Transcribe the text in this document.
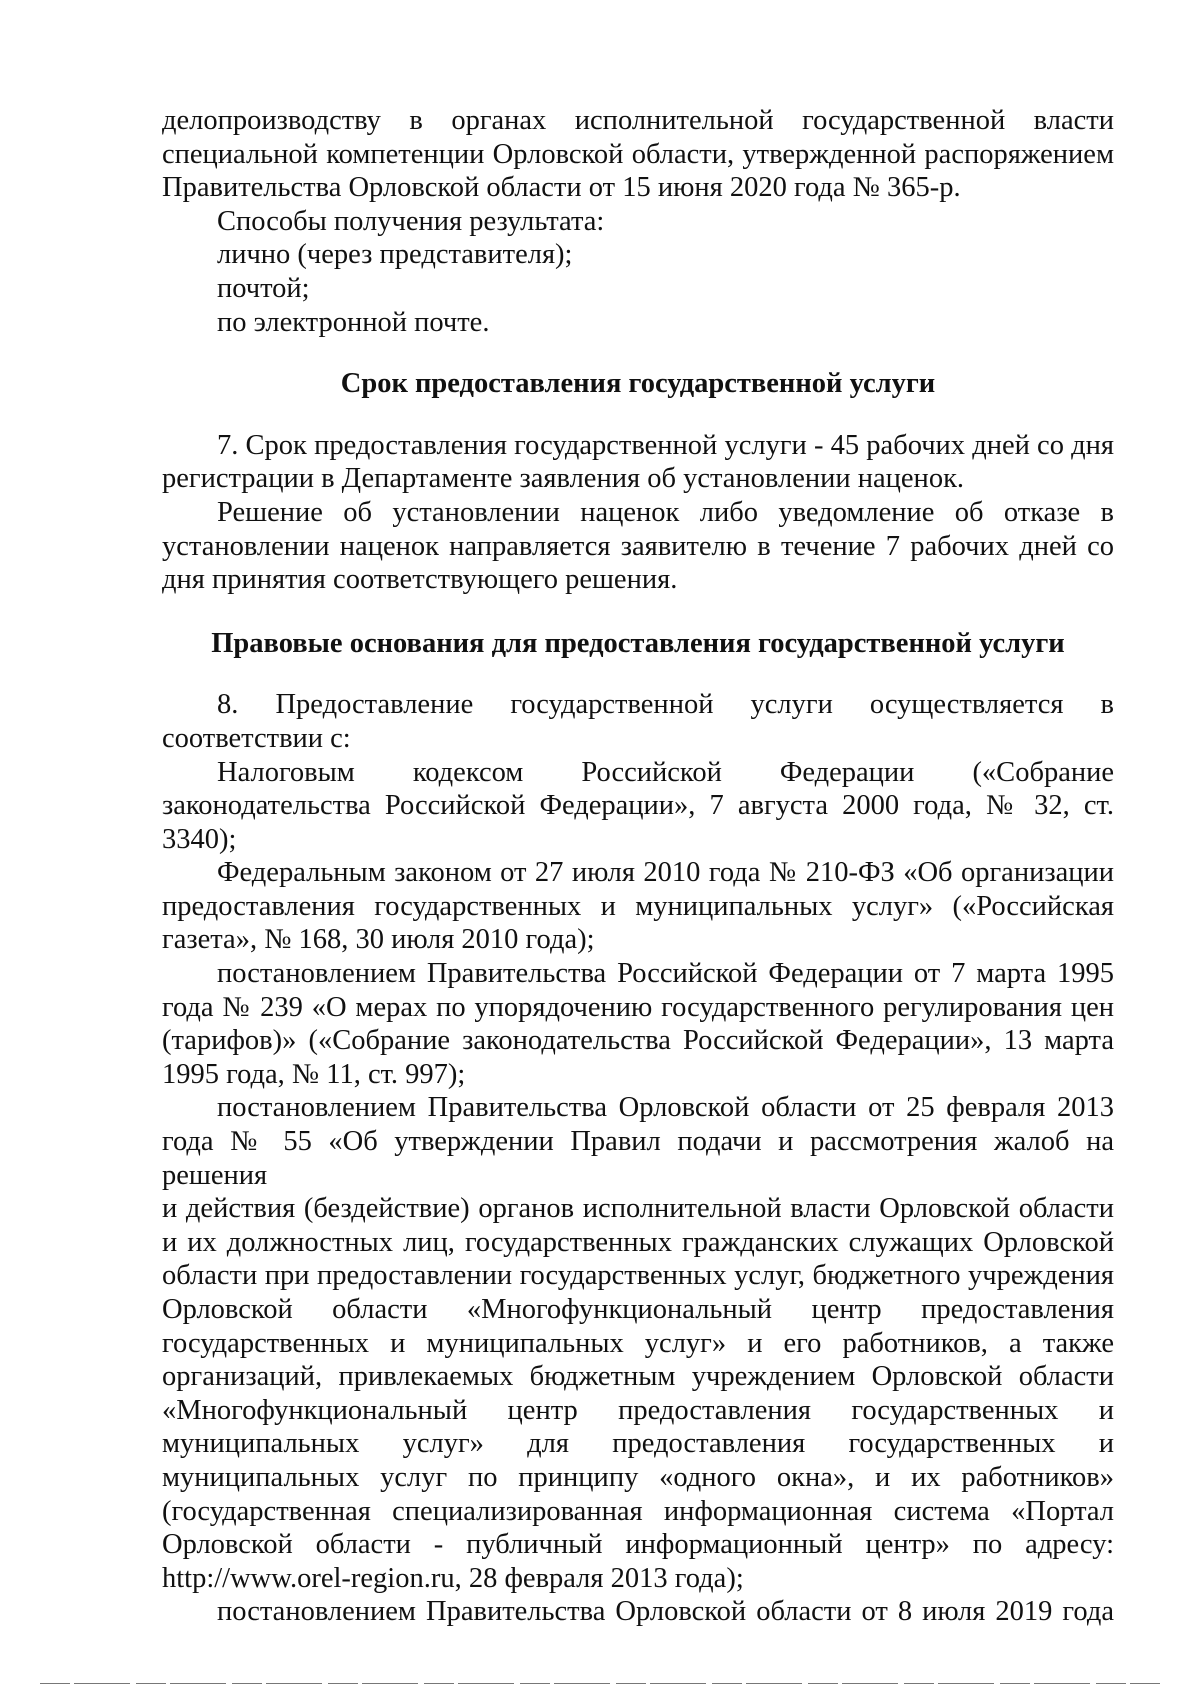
делопроизводству в органах исполнительной государственной власти

специальной компетенции Орловской области, утвержденной распоряжением

Правительства Орловской области от 15 июня 2020 года № 365-р.

Способы получения результата:

лично (через представителя);

почтой;

по электронной почте.

Срок предоставления государственной услуги

7. Срок предоставления государственной услуги - 45 рабочих дней со дня

регистрации в Департаменте заявления об установлении наценок.

Решение об установлении наценок либо уведомление об отказе в

установлении наценок направляется заявителю в течение 7 рабочих дней со

дня принятия соответствующего решения.

Правовые основания для предоставления государственной услуги

8. Предоставление государственной услуги осуществляется в

соответствии с:

Налоговым кодексом Российской Федерации («Собрание

законодательства Российской Федерации», 7 августа 2000 года, № 32, ст.

3340);

Федеральным законом от 27 июля 2010 года № 210-ФЗ «Об организации

предоставления государственных и муниципальных услуг» («Российская

газета», № 168, 30 июля 2010 года);

постановлением Правительства Российской Федерации от 7 марта 1995

года № 239 «О мерах по упорядочению государственного регулирования цен

(тарифов)» («Собрание законодательства Российской Федерации», 13 марта

1995 года, № 11, ст. 997);

постановлением Правительства Орловской области от 25 февраля 2013

года № 55 «Об утверждении Правил подачи и рассмотрения жалоб на решения

и действия (бездействие) органов исполнительной власти Орловской области

и их должностных лиц, государственных гражданских служащих Орловской

области при предоставлении государственных услуг, бюджетного учреждения

Орловской области «Многофункциональный центр предоставления

государственных и муниципальных услуг» и его работников, а также

организаций, привлекаемых бюджетным учреждением Орловской области

«Многофункциональный центр предоставления государственных и

муниципальных услуг» для предоставления государственных и

муниципальных услуг по принципу «одного окна», и их работников»

(государственная специализированная информационная система «Портал

Орловской области - публичный информационный центр» по адресу:

http://www.orel-region.ru, 28 февраля 2013 года);

постановлением Правительства Орловской области от 8 июля 2019 года
